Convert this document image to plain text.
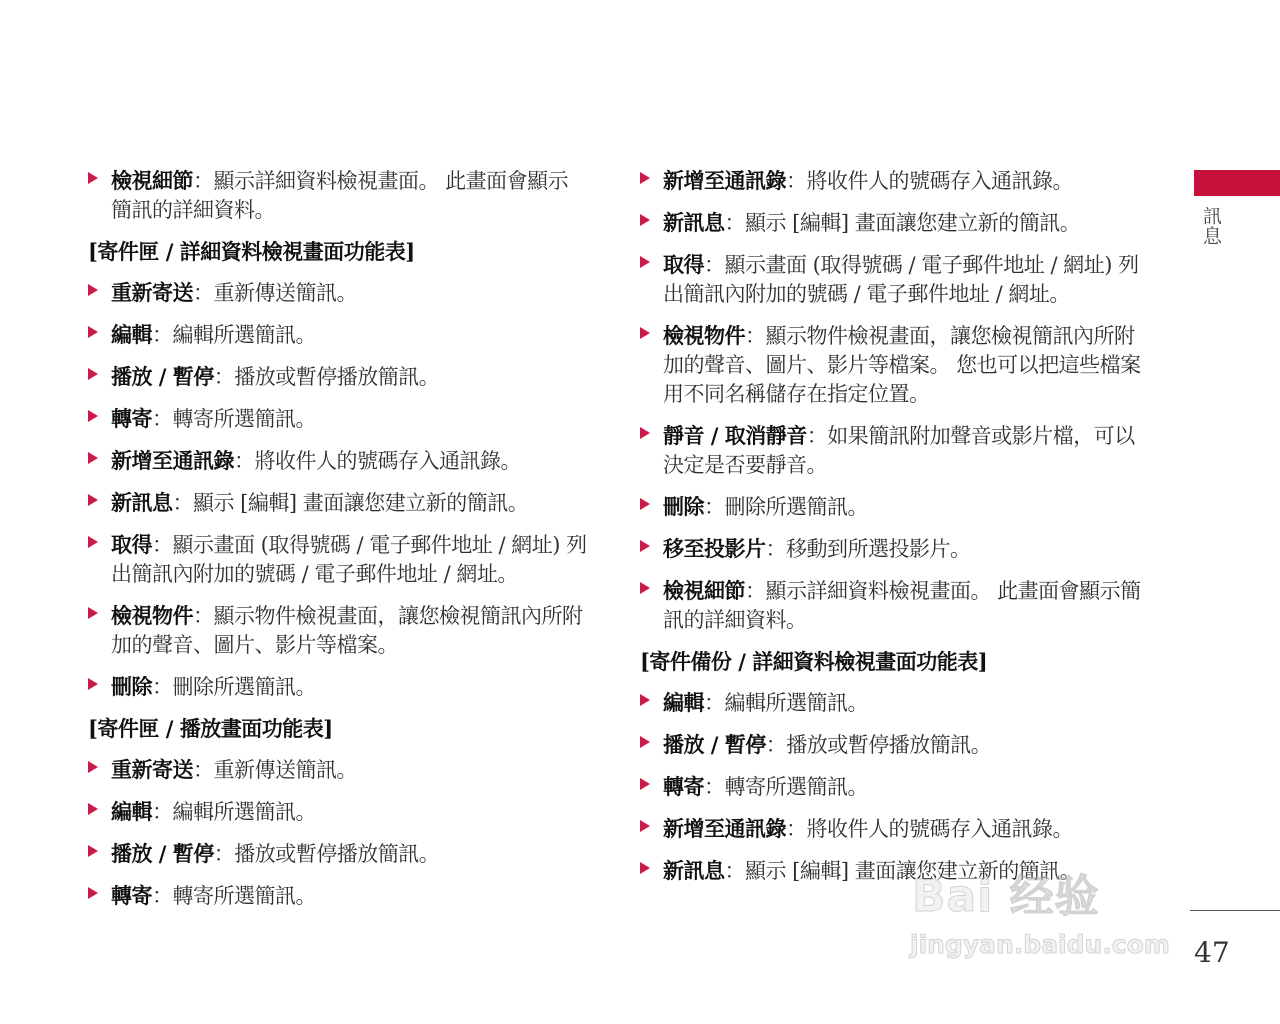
檢視細節：顯示詳細資料檢視畫面。 此畫面會顯示簡訊的詳細資料。
[寄件匣 / 詳細資料檢視畫面功能表]
重新寄送：重新傳送簡訊。
編輯：編輯所選簡訊。
播放 / 暫停：播放或暫停播放簡訊。
轉寄：轉寄所選簡訊。
新增至通訊錄：將收件人的號碼存入通訊錄。
新訊息：顯示 [編輯] 畫面讓您建立新的簡訊。
取得：顯示畫面 (取得號碼 / 電子郵件地址 / 網址) 列出簡訊內附加的號碼 / 電子郵件地址 / 網址。
檢視物件：顯示物件檢視畫面，讓您檢視簡訊內所附加的聲音、圖片、影片等檔案。
刪除：刪除所選簡訊。
[寄件匣 / 播放畫面功能表]
重新寄送：重新傳送簡訊。
編輯：編輯所選簡訊。
播放 / 暫停：播放或暫停播放簡訊。
轉寄：轉寄所選簡訊。
新增至通訊錄：將收件人的號碼存入通訊錄。
新訊息：顯示 [編輯] 畫面讓您建立新的簡訊。
取得：顯示畫面 (取得號碼 / 電子郵件地址 / 網址) 列出簡訊內附加的號碼 / 電子郵件地址 / 網址。
檢視物件：顯示物件檢視畫面，讓您檢視簡訊內所附加的聲音、圖片、影片等檔案。 您也可以把這些檔案用不同名稱儲存在指定位置。
靜音 / 取消靜音：如果簡訊附加聲音或影片檔，可以決定是否要靜音。
刪除：刪除所選簡訊。
移至投影片：移動到所選投影片。
檢視細節：顯示詳細資料檢視畫面。 此畫面會顯示簡訊的詳細資料。
[寄件備份 / 詳細資料檢視畫面功能表]
編輯：編輯所選簡訊。
播放 / 暫停：播放或暫停播放簡訊。
轉寄：轉寄所選簡訊。
新增至通訊錄：將收件人的號碼存入通訊錄。
新訊息：顯示 [編輯] 畫面讓您建立新的簡訊。
訊息
47
Bai 经验
jingyan.baidu.com
